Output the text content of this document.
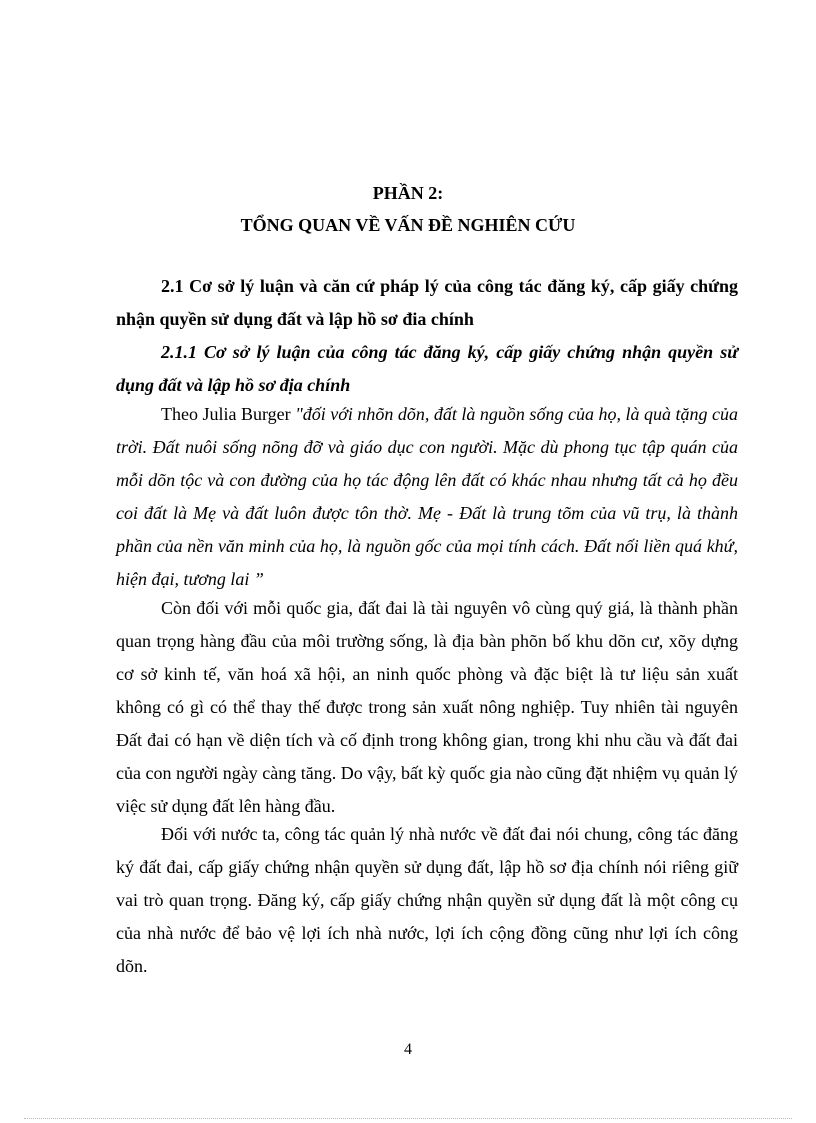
PHẦN 2:
TỔNG QUAN VỀ VẤN ĐỀ NGHIÊN CỨU
2.1 Cơ sở lý luận và căn cứ pháp lý của công tác đăng ký, cấp giấy chứng nhận quyền sử dụng đất và lập hồ sơ đia chính
2.1.1 Cơ sở lý luận của công tác đăng ký, cấp giấy chứng nhận quyền sử dụng đất và lập hồ sơ địa chính
Theo Julia Burger "đối với nhõn dõn, đất là nguồn sống của họ, là quà tặng của trời. Đất nuôi sống nõng đỡ và giáo dục con người. Mặc dù phong tục tập quán của mỗi dõn tộc và con đường của họ tác động lên đất có khác nhau nhưng tất cả họ đều coi đất là Mẹ và đất luôn được tôn thờ. Mẹ - Đất là trung tõm của vũ trụ, là thành phần của nền văn minh của họ, là nguồn gốc của mọi tính cách. Đất nối liền quá khứ, hiện đại, tương lai ”
Còn đối với mỗi quốc gia, đất đai là tài nguyên vô cùng quý giá, là thành phần quan trọng hàng đầu của môi trường sống, là địa bàn phõn bố khu dõn cư, xõy dựng cơ sở kinh tế, văn hoá xã hội, an ninh quốc phòng và đặc biệt là tư liệu sản xuất không có gì có thể thay thế được trong sản xuất nông nghiệp. Tuy nhiên tài nguyên Đất đai có hạn về diện tích và cố định trong không gian, trong khi nhu cầu và đất đai của con người ngày càng tăng. Do vậy, bất kỳ quốc gia nào cũng đặt nhiệm vụ quản lý việc sử dụng đất lên hàng đầu.
Đối với nước ta, công tác quản lý nhà nước về đất đai nói chung, công tác đăng ký đất đai, cấp giấy chứng nhận quyền sử dụng đất, lập hồ sơ địa chính nói riêng giữ vai trò quan trọng. Đăng ký, cấp giấy chứng nhận quyền sử dụng đất là một công cụ của nhà nước để bảo vệ lợi ích nhà nước, lợi ích cộng đồng cũng như lợi ích công dõn.
4
